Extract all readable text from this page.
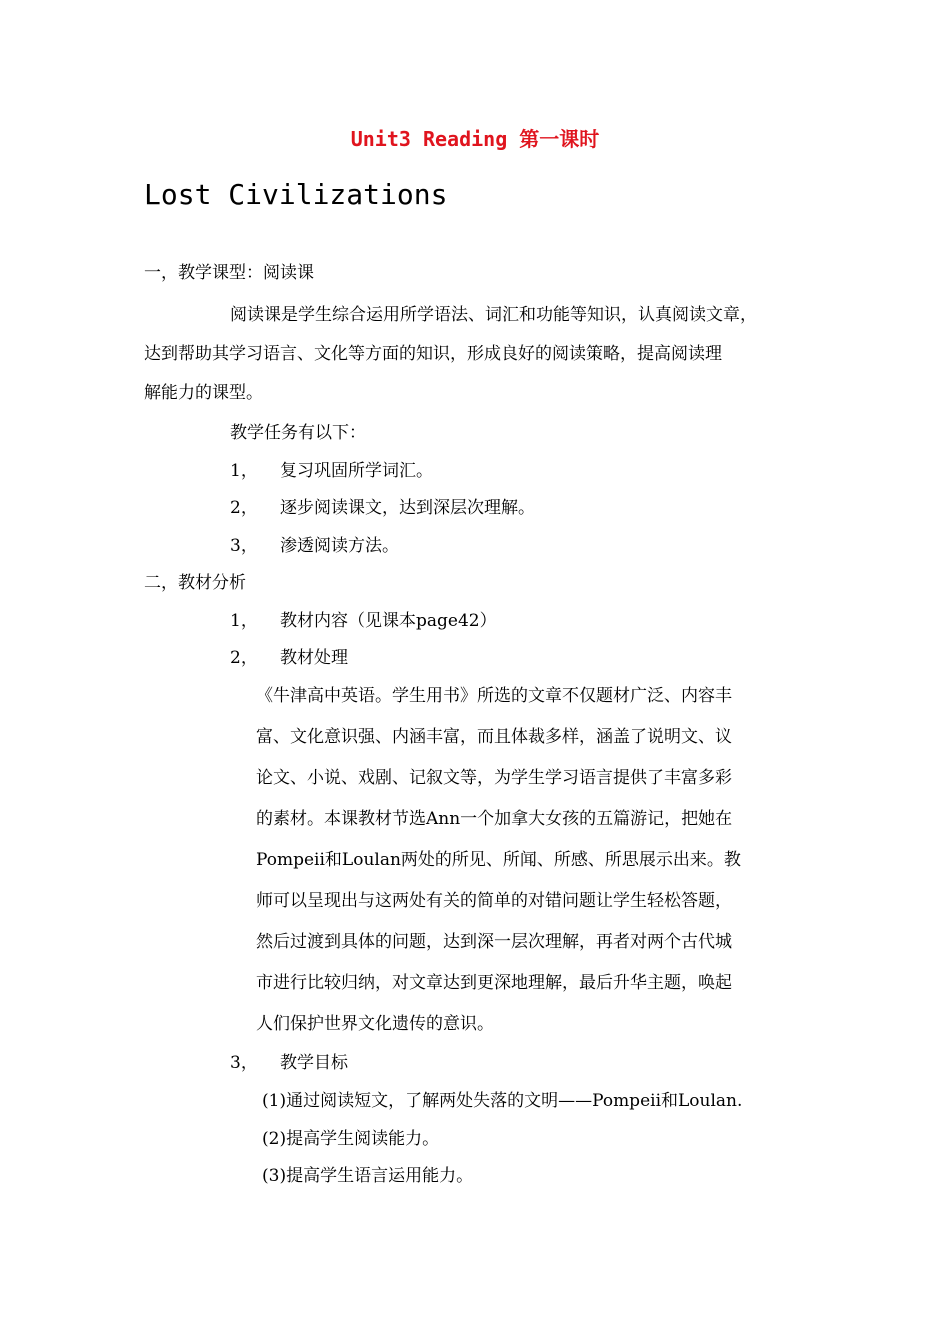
Unit3 Reading 第一课时
Lost Civilizations
一，教学课型：阅读课
阅读课是学生综合运用所学语法、词汇和功能等知识，认真阅读文章，
达到帮助其学习语言、文化等方面的知识，形成良好的阅读策略，提高阅读理
解能力的课型。
教学任务有以下：
1， 复习巩固所学词汇。
2， 逐步阅读课文，达到深层次理解。
3， 渗透阅读方法。
二，教材分析
1， 教材内容（见课本page42）
2， 教材处理
《牛津高中英语。学生用书》所选的文章不仅题材广泛、内容丰
富、文化意识强、内涵丰富，而且体裁多样，涵盖了说明文、议
论文、小说、戏剧、记叙文等，为学生学习语言提供了丰富多彩
的素材。本课教材节选Ann一个加拿大女孩的五篇游记，把她在
Pompeii和Loulan两处的所见、所闻、所感、所思展示出来。教
师可以呈现出与这两处有关的简单的对错问题让学生轻松答题，
然后过渡到具体的问题，达到深一层次理解，再者对两个古代城
市进行比较归纳，对文章达到更深地理解，最后升华主题，唤起
人们保护世界文化遗传的意识。
3， 教学目标
(1)通过阅读短文，了解两处失落的文明——Pompeii和Loulan.
(2)提高学生阅读能力。
(3)提高学生语言运用能力。
